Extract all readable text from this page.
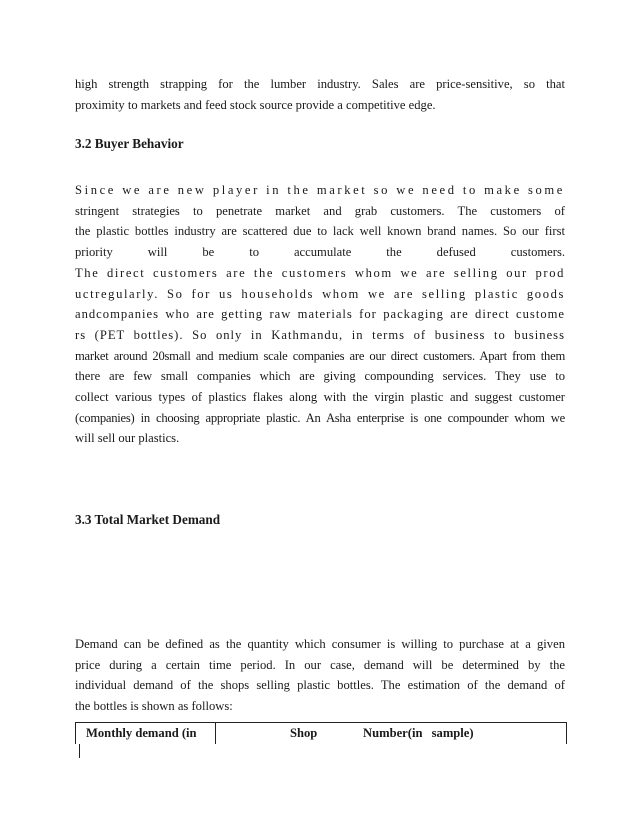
high strength strapping for the lumber industry. Sales are price-sensitive, so that
proximity to markets and feed stock source provide a competitive edge.

3.2 Buyer Behavior

Since we are new player in the market so we need to make some
stringent strategies to penetrate market and grab customers. The customers of
the plastic bottles industry are scattered due to lack well known brand names. So our first
priority will be to accumulate the defused customers.
The direct customers are the customers whom we are selling our prod
uctregularly. So for us households whom we are selling plastic goods
andcompanies who are getting raw materials for packaging are direct custome
rs (PET bottles). So only in Kathmandu, in terms of business to business
market around 20small and medium scale companies are our direct customers. Apart from them
there are few small companies which are giving compounding services. They use to
collect various types of plastics flakes along with the virgin plastic and suggest customer
(companies) in choosing appropriate plastic. An Asha enterprise is one compounder whom we
will sell our plastics.

3.3 Total Market Demand

Demand can be defined as the quantity which consumer is willing to purchase at a given
price during a certain time period. In our case, demand will be determined by the
individual demand of the shops selling plastic bottles. The estimation of the demand of
the bottles is shown as follows:

Monthly demand (in	Shop	Number(in sample)
